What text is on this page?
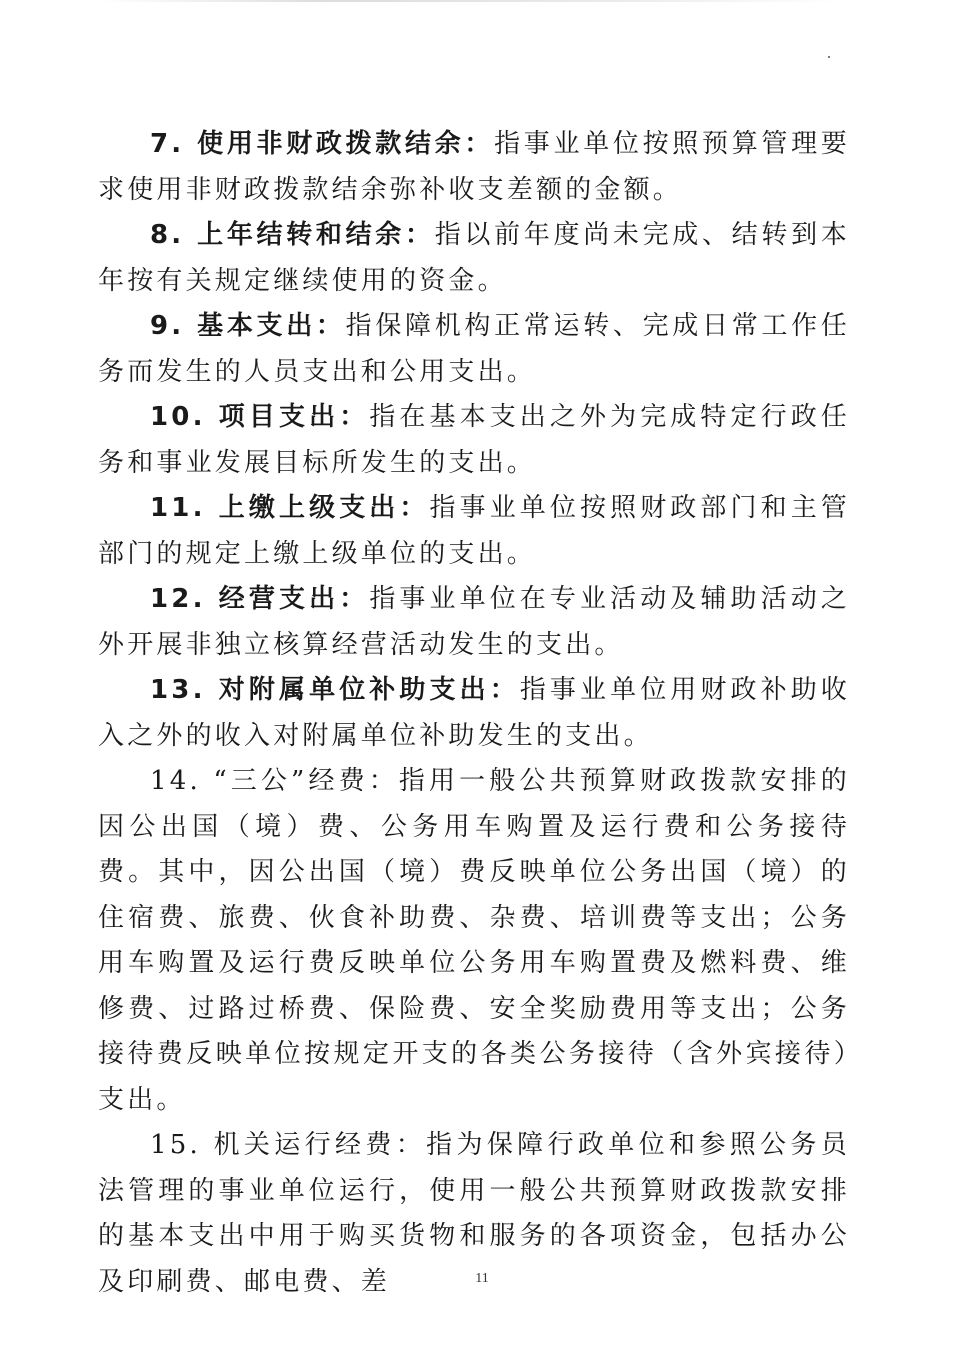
7. 使用非财政拨款结余：指事业单位按照预算管理要求使用非财政拨款结余弥补收支差额的金额。

8. 上年结转和结余：指以前年度尚未完成、结转到本年按有关规定继续使用的资金。

9. 基本支出：指保障机构正常运转、完成日常工作任务而发生的人员支出和公用支出。

10. 项目支出：指在基本支出之外为完成特定行政任务和事业发展目标所发生的支出。

11. 上缴上级支出：指事业单位按照财政部门和主管部门的规定上缴上级单位的支出。

12. 经营支出：指事业单位在专业活动及辅助活动之外开展非独立核算经营活动发生的支出。

13. 对附属单位补助支出：指事业单位用财政补助收入之外的收入对附属单位补助发生的支出。

14. “三公”经费：指用一般公共预算财政拨款安排的因公出国（境）费、公务用车购置及运行费和公务接待费。其中，因公出国（境）费反映单位公务出国（境）的住宿费、旅费、伙食补助费、杂费、培训费等支出；公务用车购置及运行费反映单位公务用车购置费及燃料费、维修费、过路过桥费、保险费、安全奖励费用等支出；公务接待费反映单位按规定开支的各类公务接待（含外宾接待）支出。

15. 机关运行经费：指为保障行政单位和参照公务员法管理的事业单位运行，使用一般公共预算财政拨款安排的基本支出中用于购买货物和服务的各项资金，包括办公及印刷费、邮电费、差	11
